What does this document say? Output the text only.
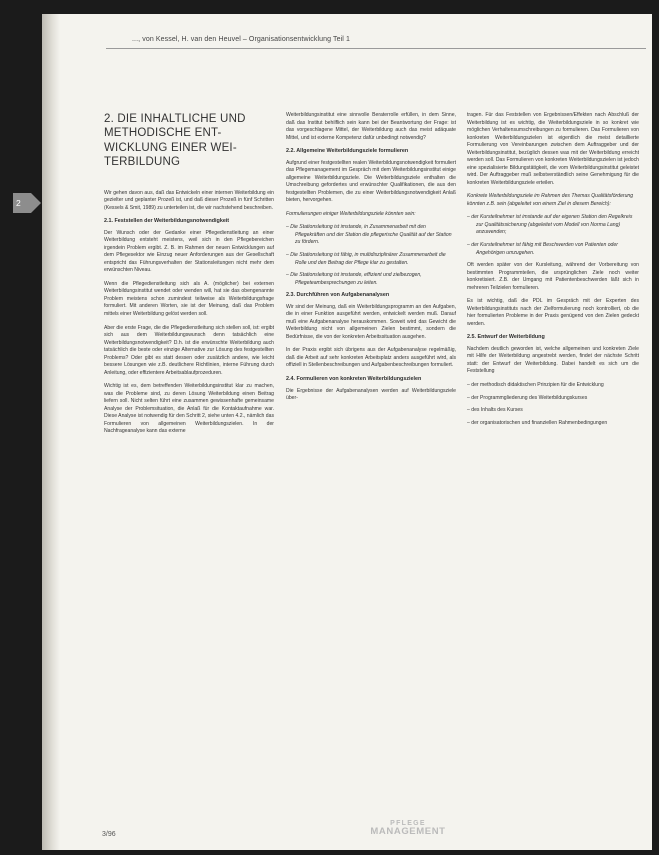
..., von Kessel, H. van den Heuvel – Organisationsentwicklung Teil 1
2. DIE INHALTLICHE UND METHODISCHE ENT-WICKLUNG EINER WEI-TERBILDUNG

Wir gehen davon aus, daß das Entwickeln einer internen Weiterbildung ein gezielter und geplanter Prozeß ist, und daß dieser Prozeß in fünf Schritten (Kessels & Smit, 1989) zu unterteilen ist, die wir nachstehend beschreiben.

2.1. Feststellen der Weiterbildungsnotwendigkeit

Der Wunsch oder der Gedanke einer Pflegedienstleitung an einer Weiterbildung entsteht meistens, weil sich in den Pflegebereichen irgendein Problem ergibt. Z. B. im Rahmen der neuen Entwicklungen auf dem Pflegesektor wie Einzug neuer Anforderungen aus der Gesellschaft entspricht das Führungsverhalten der Stationsleitungen nicht mehr dem erwünschten Niveau.

Wenn die Pflegedienstleitung sich als A. (möglicher) bei externen Weiterbildungsinstitut wendet oder wenden will, hat sie das obengenannte Problem meistens schon zumindest teilweise als Weiterbildungsfrage formuliert. Mit anderen Worten, sie ist der Meinung, daß das Problem mittels einer Weiterbildung gelöst werden soll.

Aber die erste Frage, die die Pflegedienstleitung sich stellen soll, ist: ergibt sich aus dem Weiterbildungswunsch denn tatsächlich eine Weiterbildungsnotwendigkeit? D.h. ist die erwünschte Weiterbildung auch tatsächlich die beste oder einzige Alternative zur Lösung des festgestellten Problems? Oder gibt es statt dessen oder zusätzlich andere, wie leicht bessere Lösungen wie z.B. deutlichere Richtlinien, interne Führung durch Anleitung, oder effizientere Arbeitsablaufprozeduren.

Wichtig ist es, dem betreffenden Weiterbildungsinstitut klar zu machen, was die Probleme sind, zu deren Lösung Weiterbildung einen Beitrag liefern soll. Nicht selten führt eine zusammen gewissenhafte gemeinsame Analyse der Problemsituation, die Anlaß für die Kontaktaufnahme war. Diese Analyse ist notwendig für den Schritt 2, siehe unten 4.2., nämlich das Formulieren von allgemeinen Weiterbildungszielen. In der Nachfrageanalyse kann das externe

Weiterbildungsinstitut eine sinnvolle Beraterrolle erfüllen, in dem Sinne, daß das Institut behilflich sein kann bei der Beantwortung der Frage: ist das vorgeschlagene Mittel, der Weiterbildung auch das meist adäquate Mittel, und ist externe Kompetenz dafür unbedingt notwendig?

2.2. Allgemeine Weiterbildungsziele formulieren

Aufgrund einer festgestellten realen Weiterbildungsnotwendigkeit formuliert das Pflegemanagement im Gespräch mit dem Weiterbildungsinstitut einige allgemeine Weiterbildungsziele. Die Weiterbildungsziele enthalten die Umschreibung gefordertes und erwünschter Qualifikationen, die aus den festgestellten Problemen, die zu einer Weiterbildungsnotwendigkeit Anlaß bieten, hervorgehen.

Formulierungen einiger Weiterbildungsziele könnten sein:

– Die Stationsleitung ist imstande, in Zusammenarbeit mit den Pflegekräften und der Station die pflegerische Qualität auf der Station zu fördern.
– Die Stationsleitung ist fähig, in multidisziplinärer Zusammenarbeit die Rolle und den Beitrag der Pflege klar zu gestalten.
– Die Stationsleitung ist imstande, effizient und zielbezogen, Pflegeteambesprechungen zu leiten.
2.3. Durchführen von Aufgabenanalysen

Wir sind der Meinung, daß ein Weiterbildungsprogramm an den Aufgaben, die in einer Funktion ausgeführt werden, entwickelt werden muß. Darauf muß eine Aufgabenanalyse herauskommen. Soweit wird das Gewicht die Weiterbildung nicht von allgemeinen Zielen bestimmt, sondern die Bedürfnisse, die von der konkreten Arbeitssituation ausgehen.

In der Praxis ergibt sich übrigens aus der Aufgabenanalyse regelmäßig, daß die Arbeit auf sehr konkreten Arbeitsplatz anders ausgeführt wird, als offiziell in Stellenbeschreibungen und Aufgabenbeschreibungen formuliert.

2.4. Formulieren von konkreten Weiterbildungszielen

Die Ergebnisse der Aufgabenanalysen werden auf Weiterbildungsziele über-

tragen. Für das Feststellen von Ergebnissen/Effekten nach Abschluß der Weiterbildung ist es wichtig, die Weiterbildungsziele in so konkret wie möglichen Verhaltensumschreibungen zu formulieren. Das Formulieren von konkreten Weiterbildungszielen ist eigentlich die meist detaillierte Formulierung von Vereinbarungen zwischen dem Auftraggeber und der Weiterbildungsinstitut, bezüglich dessen was mit der Weiterbildung erreicht werden soll. Das Formulieren von konkreten Weiterbildungszielen ist jedoch eine spezialisierte Bildungstätigkeit, die vom Weiterbildungsinstitut geleistet wird. Der Auftraggeber muß selbstverständlich seine Genehmigung für die konkreten Weiterbildungsziele erteilen.

Konkrete Weiterbildungsziele im Rahmen des Themas Qualitätsförderung könnten z.B. sein (abgeleitet von einem Ziel in diesem Bereich):

– der Kursteilnehmer ist imstande auf der eigenen Station den Regelkreis zur Qualitätssicherung (abgeleitet vom Modell von Norma Lang) anzuwenden;
– der Kursteilnehmer ist fähig mit Beschwerden von Patienten oder Angehörigen umzugehen.

Oft werden später von der Kursleitung, während der Vorbereitung von bestimmten Programmteilen, die ursprünglichen Ziele noch weiter konkretisiert. Z.B. der Umgang mit Patientenbeschwerden läßt sich in mehreren Teilzielen formulieren.

Es ist wichtig, daß die PDL im Gespräch mit der Experten des Weiterbildungsinstituts nach der Zielformulierung noch kontrolliert, ob die hier formulierten Probleme in der Praxis genügend von den Zielen gedeckt werden.

2.5. Entwurf der Weiterbildung

Nachdem deutlich geworden ist, welche allgemeinen und konkreten Ziele mit Hilfe der Weiterbildung angestrebt werden, findet der nächste Schritt statt: der Entwurf der Weiterbildung. Dabei handelt es sich um die Feststellung

– der methodisch didaktischen Prinzipien für die Entwicklung
– der Programmgliederung des Weiterbildungskurses
– des Inhalts des Kurses
– der organisatorischen und finanziellen Rahmenbedingungen
3/96
PFLEGE
MANAGEMENT
2
